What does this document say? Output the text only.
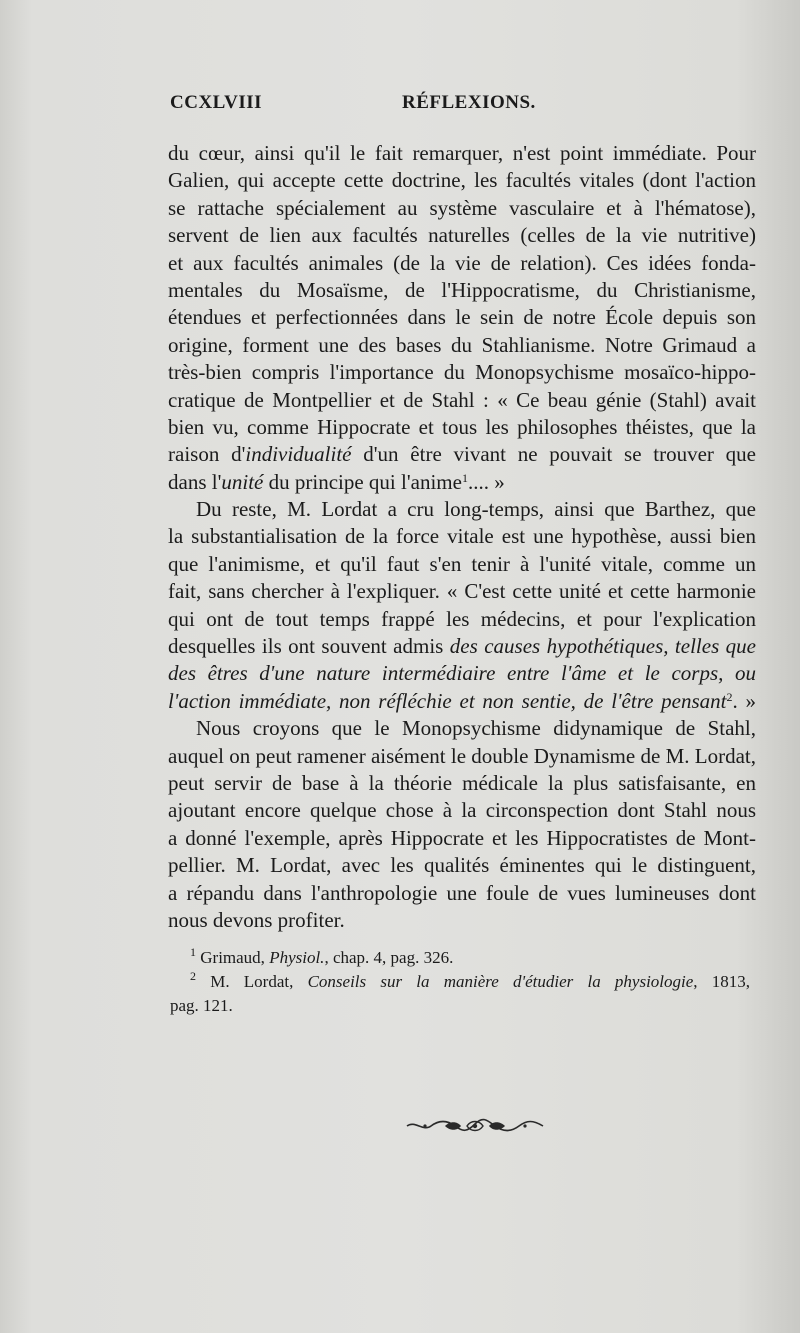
CCXLVIII	RÉFLEXIONS.
du cœur, ainsi qu'il le fait remarquer, n'est point immédiate. Pour
Galien, qui accepte cette doctrine, les facultés vitales (dont l'action
se rattache spécialement au système vasculaire et à l'hématose),
servent de lien aux facultés naturelles (celles de la vie nutritive)
et aux facultés animales (de la vie de relation). Ces idées fonda-
mentales du Mosaïsme, de l'Hippocratisme, du Christianisme,
étendues et perfectionnées dans le sein de notre École depuis son
origine, forment une des bases du Stahlianisme. Notre Grimaud a
très-bien compris l'importance du Monopsychisme mosaïco-hippo-
cratique de Montpellier et de Stahl : « Ce beau génie (Stahl) avait
bien vu, comme Hippocrate et tous les philosophes théistes, que la
raison d'individualité d'un être vivant ne pouvait se trouver que
dans l'unité du principe qui l'anime$^1$.... »
Du reste, M. Lordat a cru long-temps, ainsi que Barthez, que
la substantialisation de la force vitale est une hypothèse, aussi bien
que l'animisme, et qu'il faut s'en tenir à l'unité vitale, comme un
fait, sans chercher à l'expliquer. « C'est cette unité et cette harmonie
qui ont de tout temps frappé les médecins, et pour l'explication
desquelles ils ont souvent admis des causes hypothétiques, telles que
des êtres d'une nature intermédiaire entre l'âme et le corps, ou
l'action immédiate, non réfléchie et non sentie, de l'être pensant$^2$. »
Nous croyons que le Monopsychisme didynamique de Stahl,
auquel on peut ramener aisément le double Dynamisme de M. Lordat,
peut servir de base à la théorie médicale la plus satisfaisante, en
ajoutant encore quelque chose à la circonspection dont Stahl nous
a donné l'exemple, après Hippocrate et les Hippocratistes de Mont-
pellier. M. Lordat, avec les qualités éminentes qui le distinguent,
a répandu dans l'anthropologie une foule de vues lumineuses dont
nous devons profiter.
$^1$ Grimaud, Physiol., chap. 4, pag. 326.
$^2$ M. Lordat, Conseils sur la manière d'étudier la physiologie, 1813,
pag. 121.
